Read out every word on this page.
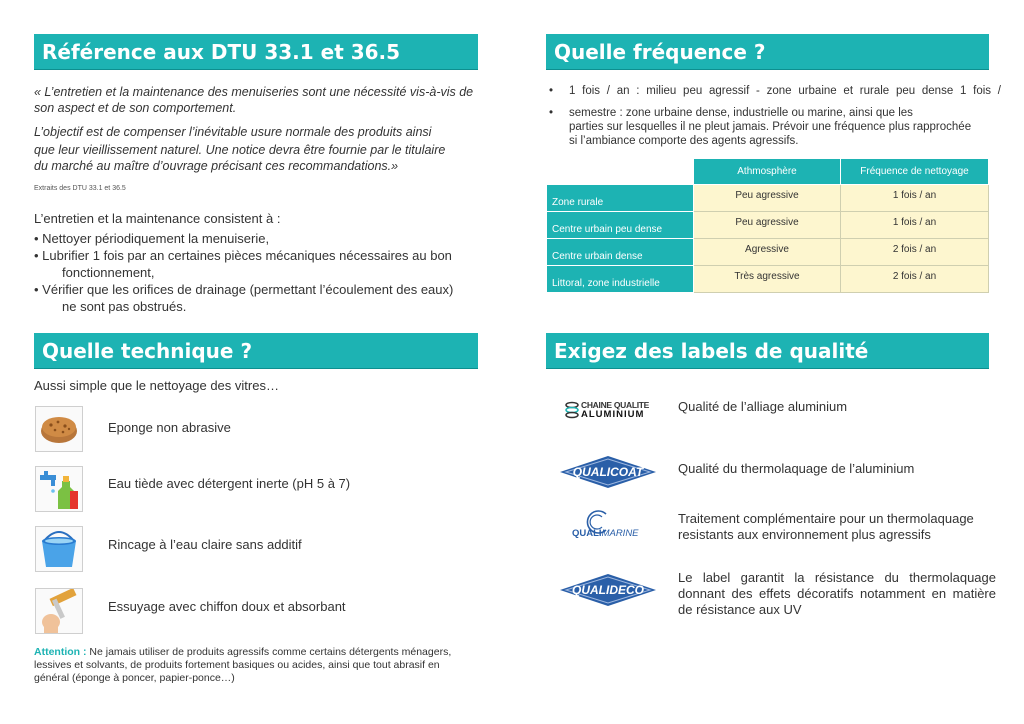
Référence aux DTU 33.1 et 36.5
« L’entretien et la maintenance des menuiseries sont une nécessité vis-à-vis de
son aspect et de son comportement.
L’objectif est de compenser l’inévitable usure normale des produits ainsi
que leur vieillissement naturel. Une notice devra être fournie par le titulaire
du marché au maître d’ouvrage précisant ces recommandations.»
Extraits des DTU 33.1 et 36.5
L’entretien et la maintenance consistent à :
• Nettoyer périodiquement la menuiserie,
• Lubrifier 1 fois par an certaines pièces mécaniques nécessaires au bon
fonctionnement,
• Vérifier que les orifices de drainage (permettant l’écoulement des eaux)
ne sont pas obstrués.
Quelle technique ?
Aussi simple que le nettoyage des vitres…
Eponge non abrasive
Eau tiède avec détergent inerte (pH 5 à 7)
Rincage à l’eau claire sans additif
Essuyage avec chiffon doux et absorbant
Attention : Ne jamais utiliser de produits agressifs comme certains détergents ménagers,
lessives et solvants, de produits fortement basiques ou acides, ainsi que tout abrasif en
général (éponge à poncer, papier-ponce…)
Quelle fréquence ?
•	1 fois / an : milieu peu agressif - zone urbaine et rurale peu dense 1 fois /
• semestre : zone urbaine dense, industrielle ou marine, ainsi que les
parties sur lesquelles il ne pleut jamais. Prévoir une fréquence plus rapprochée
si l’ambiance comporte des agents agressifs.
	Athmosphère	Fréquence de nettoyage
Zone rurale	Peu agressive	1 fois / an
Centre urbain peu dense	Peu agressive	1 fois / an
Centre urbain dense	Agressive	2 fois / an
Littoral, zone industrielle	Très agressive	2 fois / an
Exigez des labels de qualité
CHAINE QUALITE
ALUMINIUM
Qualité de l’alliage aluminium
QUALICOAT	Qualité du thermolaquage de l’aluminium
QUALIMARINE
Traitement complémentaire pour un thermolaquage
resistants aux environnement plus agressifs
QUALIDECO
Le label garantit la résistance du thermolaquage
donnant des effets décoratifs notamment en matière
de résistance aux UV
